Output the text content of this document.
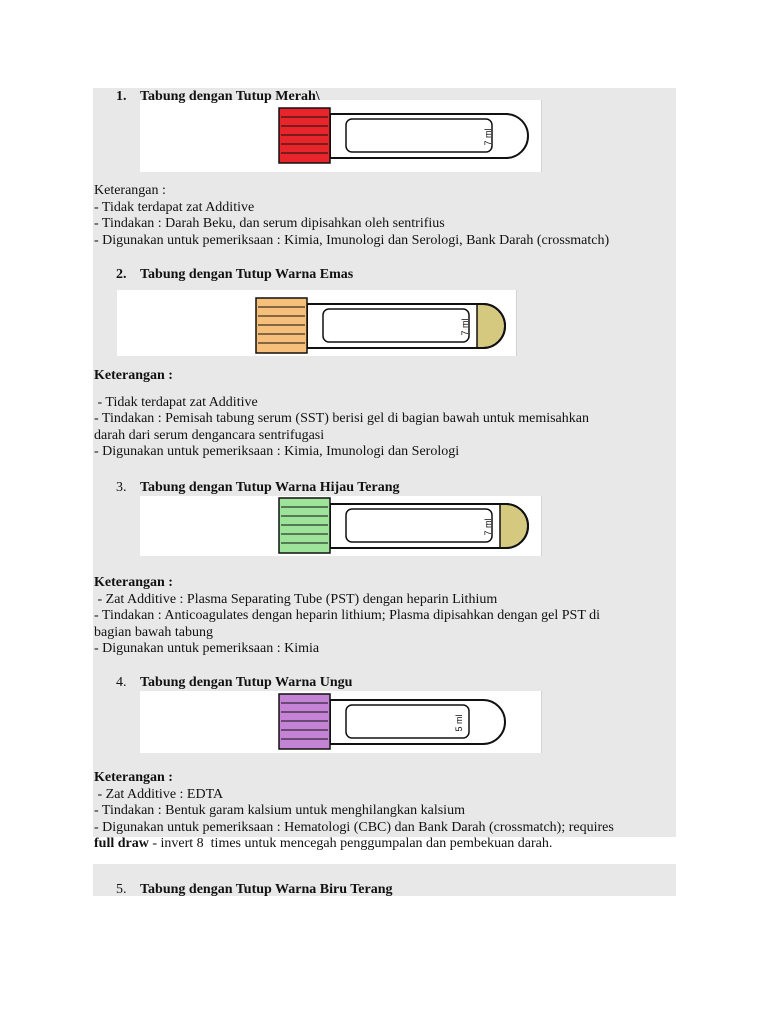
1. Tabung dengan Tutup Merah\
7 ml
Keterangan :
- Tidak terdapat zat Additive
- Tindakan : Darah Beku, dan serum dipisahkan oleh sentrifius
- Digunakan untuk pemeriksaan : Kimia, Imunologi dan Serologi, Bank Darah (crossmatch)
2. Tabung dengan Tutup Warna Emas
7 ml
Keterangan :
- Tidak terdapat zat Additive
- Tindakan : Pemisah tabung serum (SST) berisi gel di bagian bawah untuk memisahkan
darah dari serum dengancara sentrifugasi
- Digunakan untuk pemeriksaan : Kimia, Imunologi dan Serologi
3. Tabung dengan Tutup Warna Hijau Terang
7 ml
Keterangan :
- Zat Additive : Plasma Separating Tube (PST) dengan heparin Lithium
- Tindakan : Anticoagulates dengan heparin lithium; Plasma dipisahkan dengan gel PST di
bagian bawah tabung
- Digunakan untuk pemeriksaan : Kimia
4. Tabung dengan Tutup Warna Ungu
5 ml
Keterangan :
- Zat Additive : EDTA
- Tindakan : Bentuk garam kalsium untuk menghilangkan kalsium
- Digunakan untuk pemeriksaan : Hematologi (CBC) dan Bank Darah (crossmatch); requires
full draw - invert 8  times untuk mencegah penggumpalan dan pembekuan darah.
5. Tabung dengan Tutup Warna Biru Terang
